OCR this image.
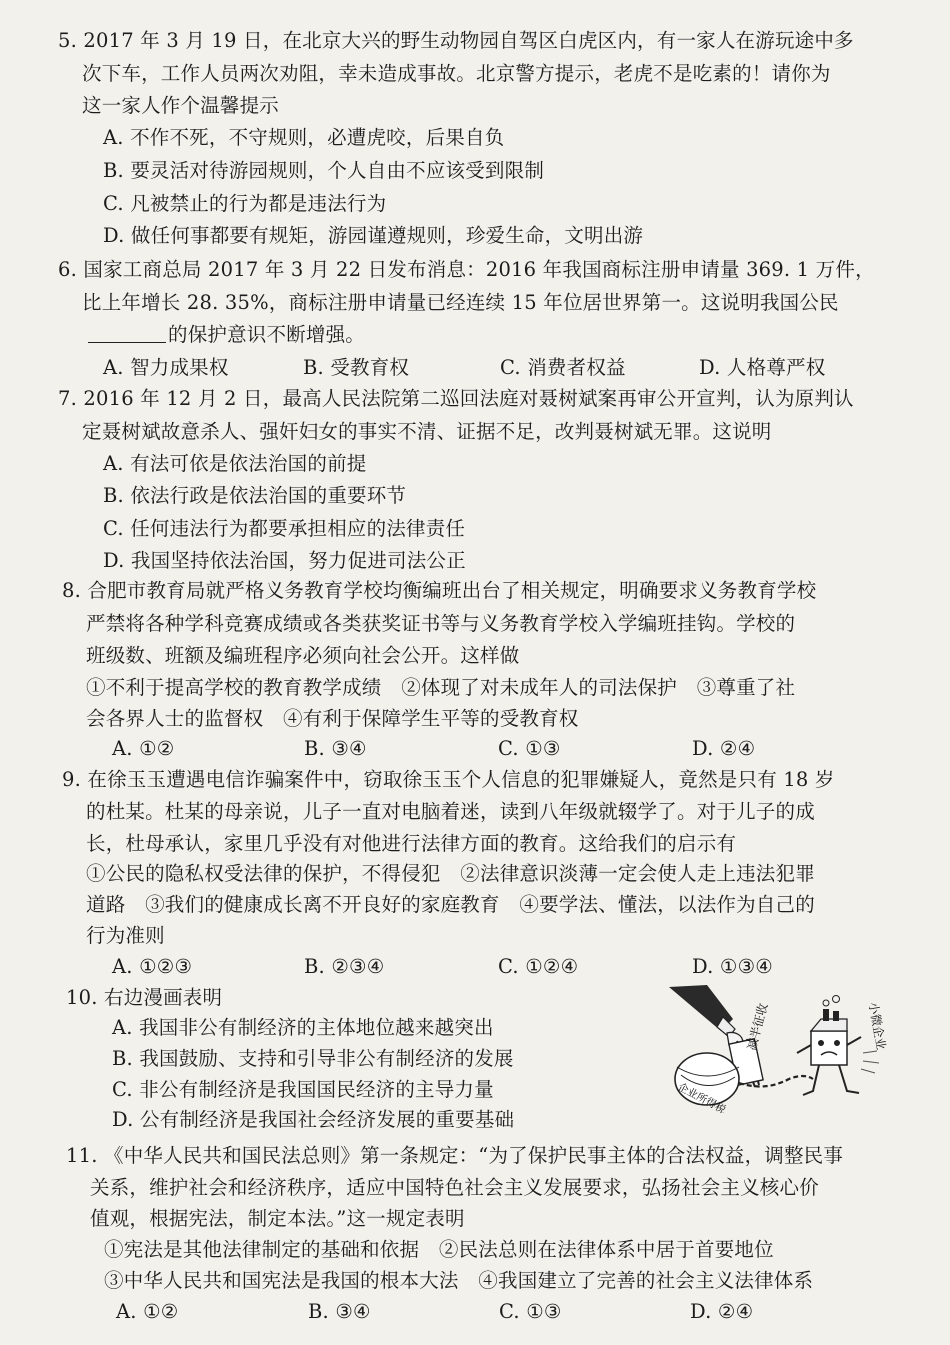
5. 2017 年 3 月 19 日，在北京大兴的野生动物园自驾区白虎区内，有一家人在游玩途中多
次下车，工作人员两次劝阻，幸未造成事故。北京警方提示，老虎不是吃素的！请你为
这一家人作个温馨提示
A. 不作不死，不守规则，必遭虎咬，后果自负
B. 要灵活对待游园规则，个人自由不应该受到限制
C. 凡被禁止的行为都是违法行为
D. 做任何事都要有规矩，游园谨遵规则，珍爱生命，文明出游
6. 国家工商总局 2017 年 3 月 22 日发布消息：2016 年我国商标注册申请量 369. 1 万件，
比上年增长 28. 35%，商标注册申请量已经连续 15 年位居世界第一。这说明我国公民
的保护意识不断增强。
A. 智力成果权	B. 受教育权	C. 消费者权益	D. 人格尊严权
7. 2016 年 12 月 2 日，最高人民法院第二巡回法庭对聂树斌案再审公开宣判，认为原判认
定聂树斌故意杀人、强奸妇女的事实不清、证据不足，改判聂树斌无罪。这说明
A. 有法可依是依法治国的前提
B. 依法行政是依法治国的重要环节
C. 任何违法行为都要承担相应的法律责任
D. 我国坚持依法治国，努力促进司法公正
8. 合肥市教育局就严格义务教育学校均衡编班出台了相关规定，明确要求义务教育学校
严禁将各种学科竞赛成绩或各类获奖证书等与义务教育学校入学编班挂钩。学校的
班级数、班额及编班程序必须向社会公开。这样做
①不利于提高学校的教育教学成绩　②体现了对未成年人的司法保护　③尊重了社
会各界人士的监督权　④有利于保障学生平等的受教育权
A. ①②	B. ③④	C. ①③	D. ②④
9. 在徐玉玉遭遇电信诈骗案件中，窃取徐玉玉个人信息的犯罪嫌疑人，竟然是只有 18 岁
的杜某。杜某的母亲说，儿子一直对电脑着迷，读到八年级就辍学了。对于儿子的成
长，杜母承认，家里几乎没有对他进行法律方面的教育。这给我们的启示有
①公民的隐私权受法律的保护，不得侵犯　②法律意识淡薄一定会使人走上违法犯罪
道路　③我们的健康成长离不开良好的家庭教育　④要学法、懂法，以法作为自己的
行为准则
A. ①②③	B. ②③④	C. ①②④	D. ①③④
10. 右边漫画表明
A. 我国非公有制经济的主体地位越来越突出
B. 我国鼓励、支持和引导非公有制经济的发展
C. 非公有制经济是我国国民经济的主导力量
D. 公有制经济是我国社会经济发展的重要基础
减半征收
企业所得税
小微企业
11. 《中华人民共和国民法总则》第一条规定：“为了保护民事主体的合法权益，调整民事
关系，维护社会和经济秩序，适应中国特色社会主义发展要求，弘扬社会主义核心价
值观，根据宪法，制定本法。”这一规定表明
①宪法是其他法律制定的基础和依据　②民法总则在法律体系中居于首要地位
③中华人民共和国宪法是我国的根本大法　④我国建立了完善的社会主义法律体系
A. ①②	B. ③④	C. ①③	D. ②④
